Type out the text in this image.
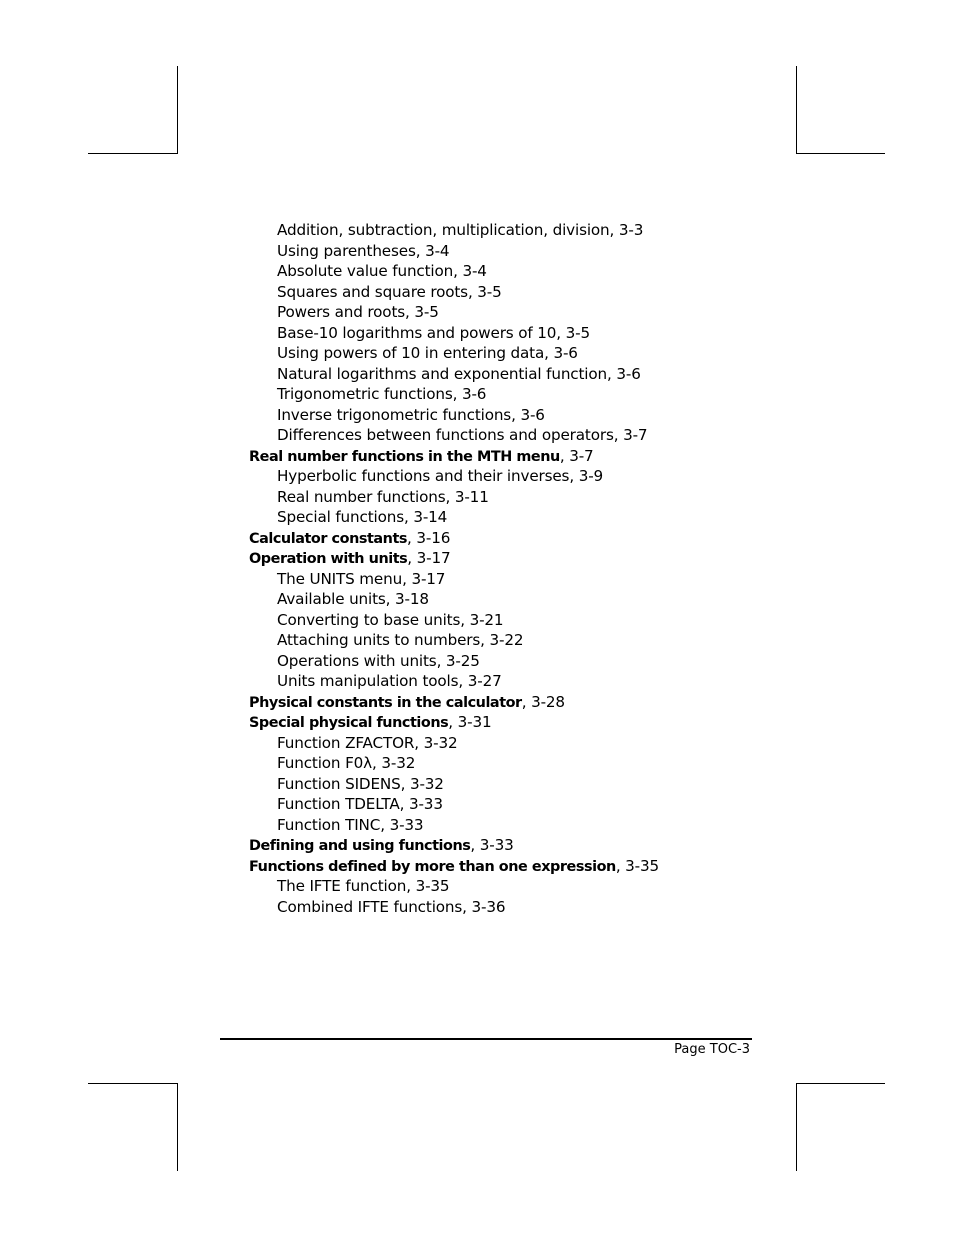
Addition, subtraction, multiplication, division, 3-3
Using parentheses, 3-4
Absolute value function, 3-4
Squares and square roots, 3-5
Powers and roots, 3-5
Base-10 logarithms and powers of 10, 3-5
Using powers of 10 in entering data, 3-6
Natural logarithms and exponential function, 3-6
Trigonometric functions, 3-6
Inverse trigonometric functions, 3-6
Differences between functions and operators, 3-7
Real number functions in the MTH menu, 3-7
Hyperbolic functions and their inverses, 3-9
Real number functions, 3-11
Special functions, 3-14
Calculator constants, 3-16
Operation with units, 3-17
The UNITS menu, 3-17
Available units, 3-18
Converting to base units, 3-21
Attaching units to numbers, 3-22
Operations with units, 3-25
Units manipulation tools, 3-27
Physical constants in the calculator, 3-28
Special physical functions, 3-31
Function ZFACTOR, 3-32
Function F0λ, 3-32
Function SIDENS, 3-32
Function TDELTA, 3-33
Function TINC, 3-33
Defining and using functions, 3-33
Functions defined by more than one expression, 3-35
The IFTE function, 3-35
Combined IFTE functions, 3-36
Page TOC-3
